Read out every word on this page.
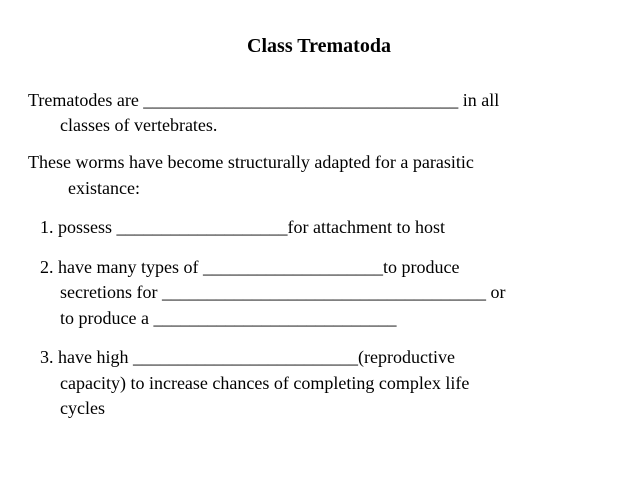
Class Trematoda
Trematodes are ___________________________________ in all
classes of vertebrates.
These worms have become structurally adapted for a parasitic
existance:
1. possess ___________________for attachment to host
2. have many types of ____________________to produce
secretions for ____________________________________ or
to produce a ___________________________
3. have high _________________________(reproductive
capacity) to increase chances of completing complex life
cycles
